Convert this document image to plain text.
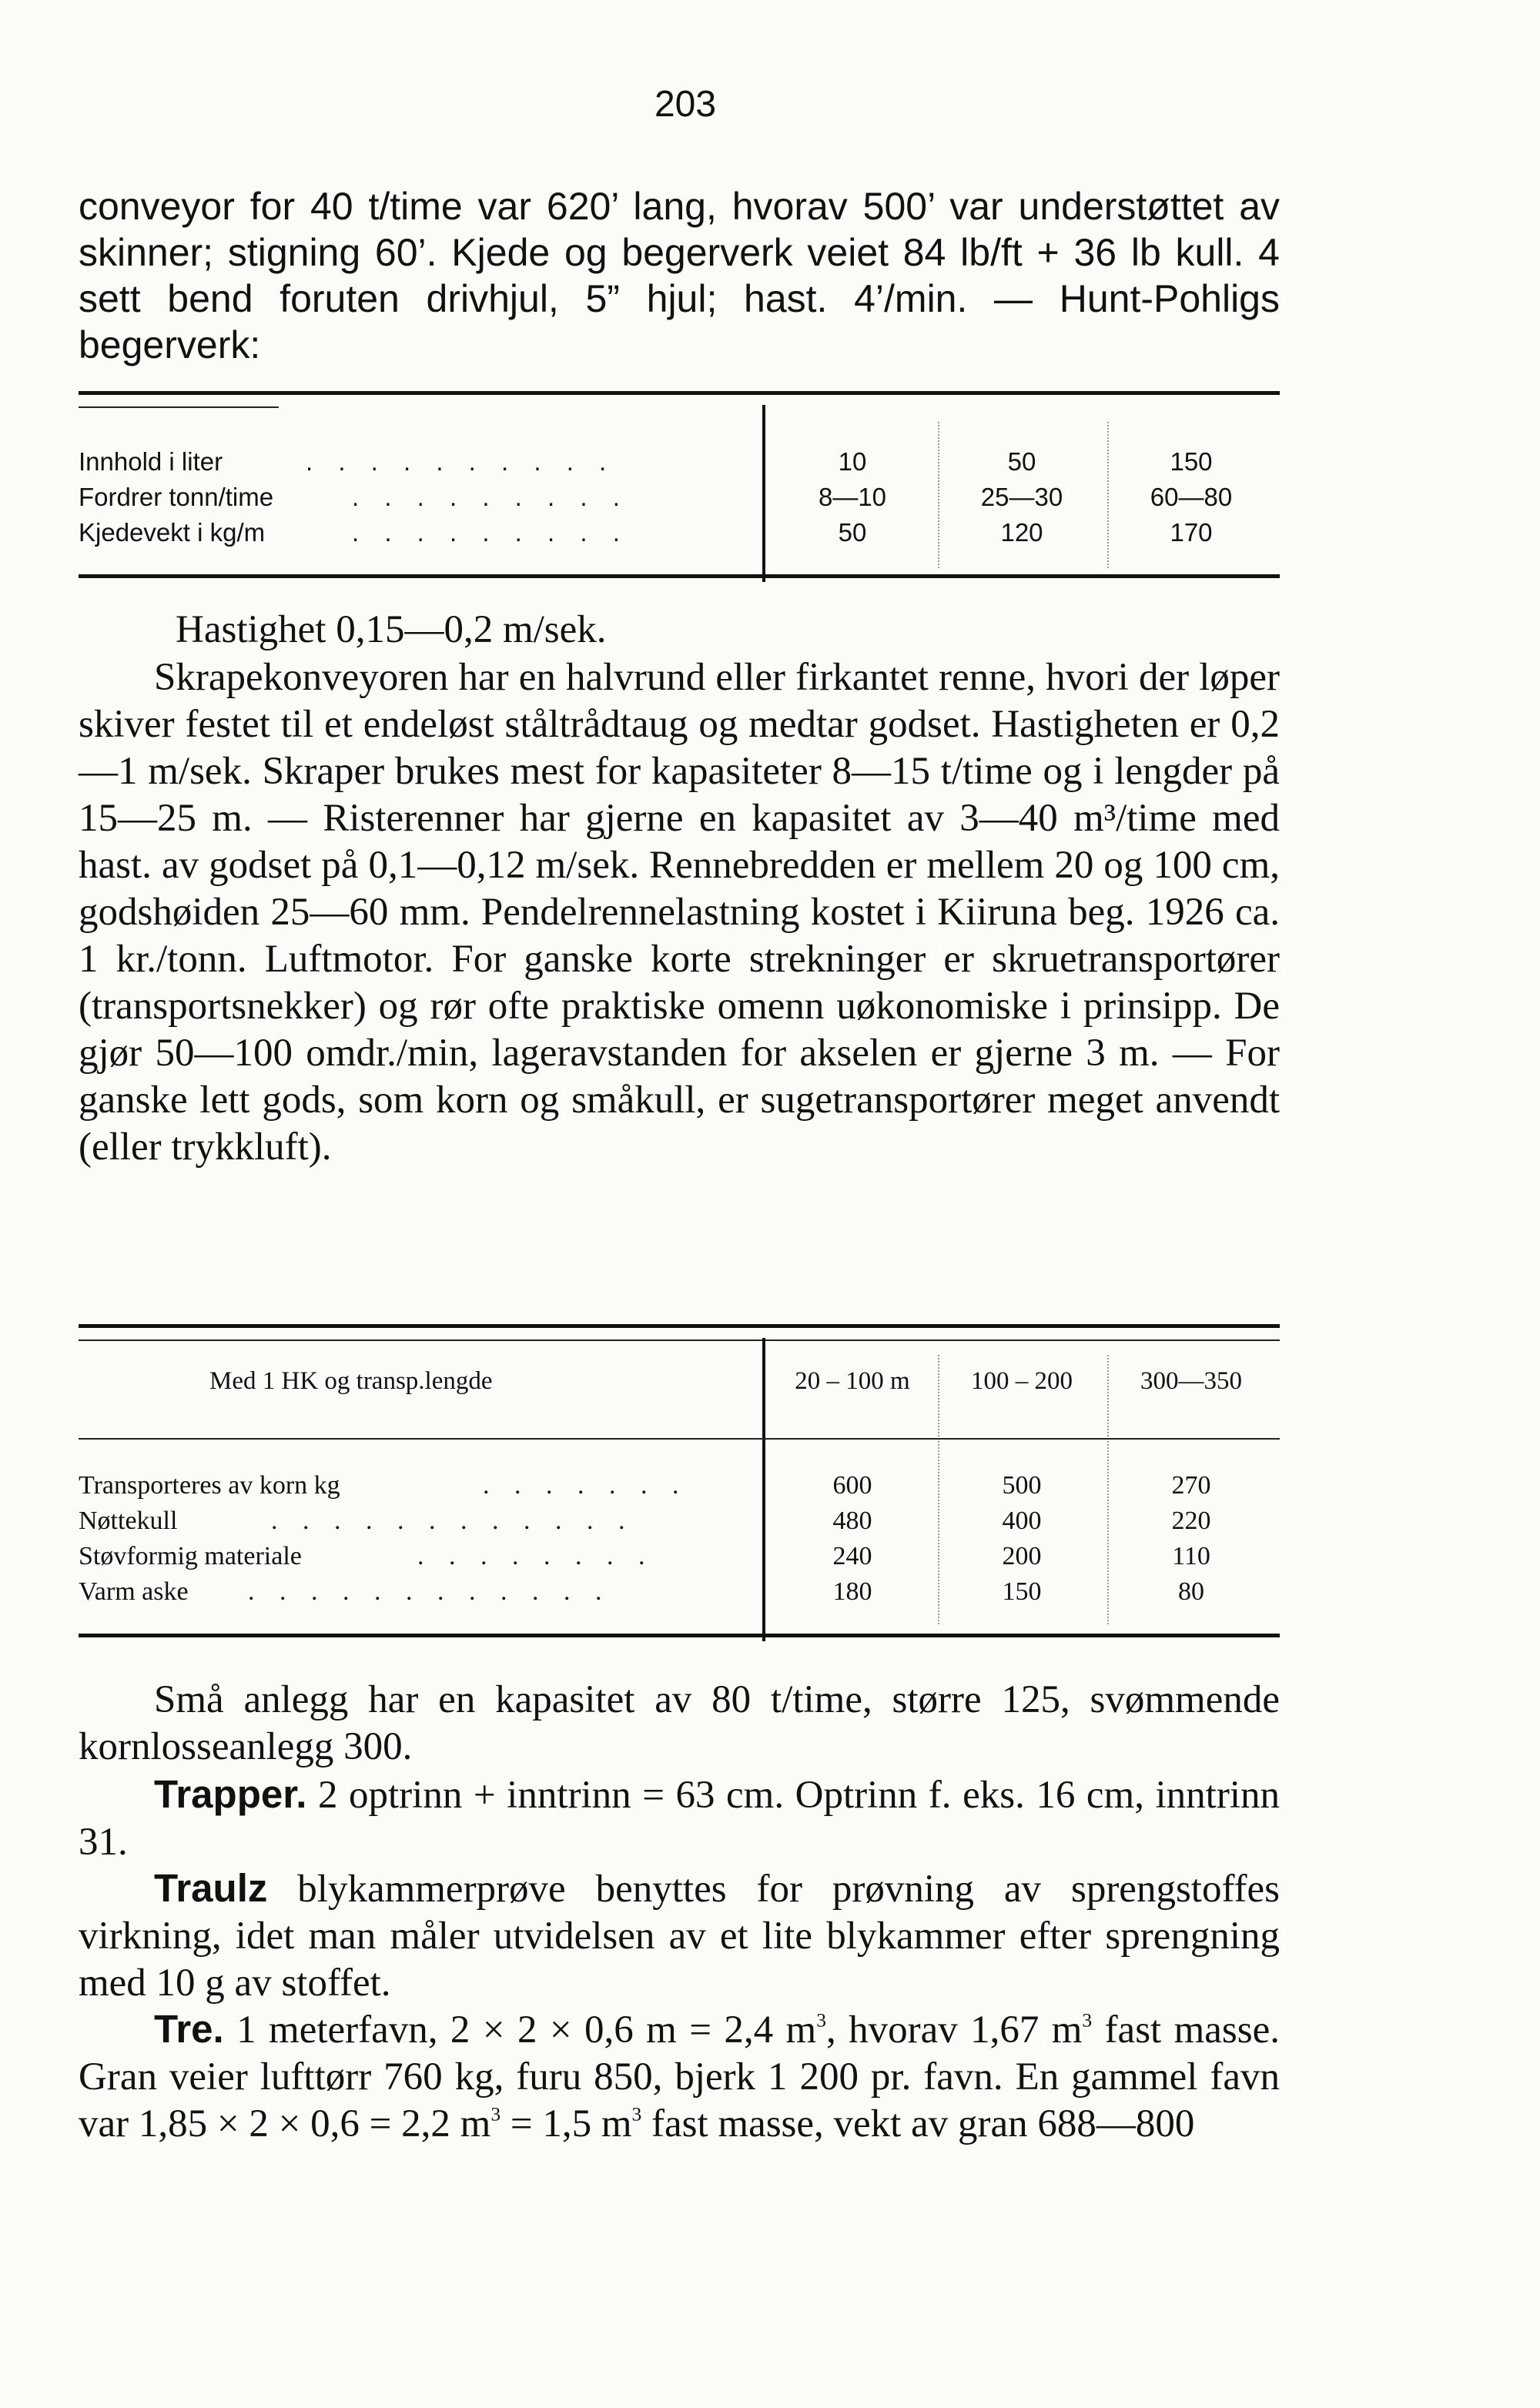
203
conveyor for 40 t/time var 620’ lang, hvorav 500’ var understøttet av skinner; stigning 60’. Kjede og begerverk veiet 84 lb/ft + 36 lb kull. 4 sett bend foruten drivhjul, 5” hjul; hast. 4’/min. — Hunt-Pohligs begerverk:
Innhold i liter	. . . . . . . . . .	10	50	150
Fordrer tonn/time	. . . . . . . . .	8—10	25—30	60—80
Kjedevekt i kg/m	. . . . . . . . .	50	120	170
Hastighet 0,15—0,2 m/sek.
Skrapekonveyoren har en halvrund eller firkantet renne, hvori der løper skiver festet til et endeløst ståltrådtaug og medtar godset. Hastigheten er 0,2—1 m/sek. Skraper brukes mest for kapasiteter 8—15 t/time og i lengder på 15—25 m. — Risterenner har gjerne en kapasitet av 3—40 m³/time med hast. av godset på 0,1—0,12 m/sek. Rennebredden er mellem 20 og 100 cm, godshøiden 25—60 mm. Pendelrennelastning kostet i Kiiruna beg. 1926 ca. 1 kr./tonn. Luftmotor. For ganske korte strekninger er skruetransportører (transportsnekker) og rør ofte praktiske omenn uøkonomiske i prinsipp. De gjør 50—100 omdr./min, lageravstanden for akselen er gjerne 3 m. — For ganske lett gods, som korn og småkull, er sugetransportører meget anvendt (eller trykkluft).
Med 1 HK og transp.lengde	20 – 100 m	100 – 200	300—350
Transporteres av korn kg	. . . . . . .	600	500	270
Nøttekull	. . . . . . . . . . . .	480	400	220
Støvformig materiale	. . . . . . . .	240	200	110
Varm aske . . . . . . . . . . . .	180	150	80
Små anlegg har en kapasitet av 80 t/time, større 125, svømmende kornlosseanlegg 300.
Trapper. 2 optrinn + inntrinn = 63 cm. Optrinn f. eks. 16 cm, inntrinn 31.
Traulz blykammerprøve benyttes for prøvning av sprengstoffes virkning, idet man måler utvidelsen av et lite blykammer efter sprengning med 10 g av stoffet.
Tre. 1 meterfavn, 2 × 2 × 0,6 m = 2,4 $m^3$, hvorav 1,67 $m^3$ fast masse. Gran veier lufttørr 760 kg, furu 850, bjerk 1 200 pr. favn. En gammel favn var 1,85 × 2 × 0,6 = 2,2 $m^3 = 1,5$ $m^3$ fast masse, vekt av gran 688—800
